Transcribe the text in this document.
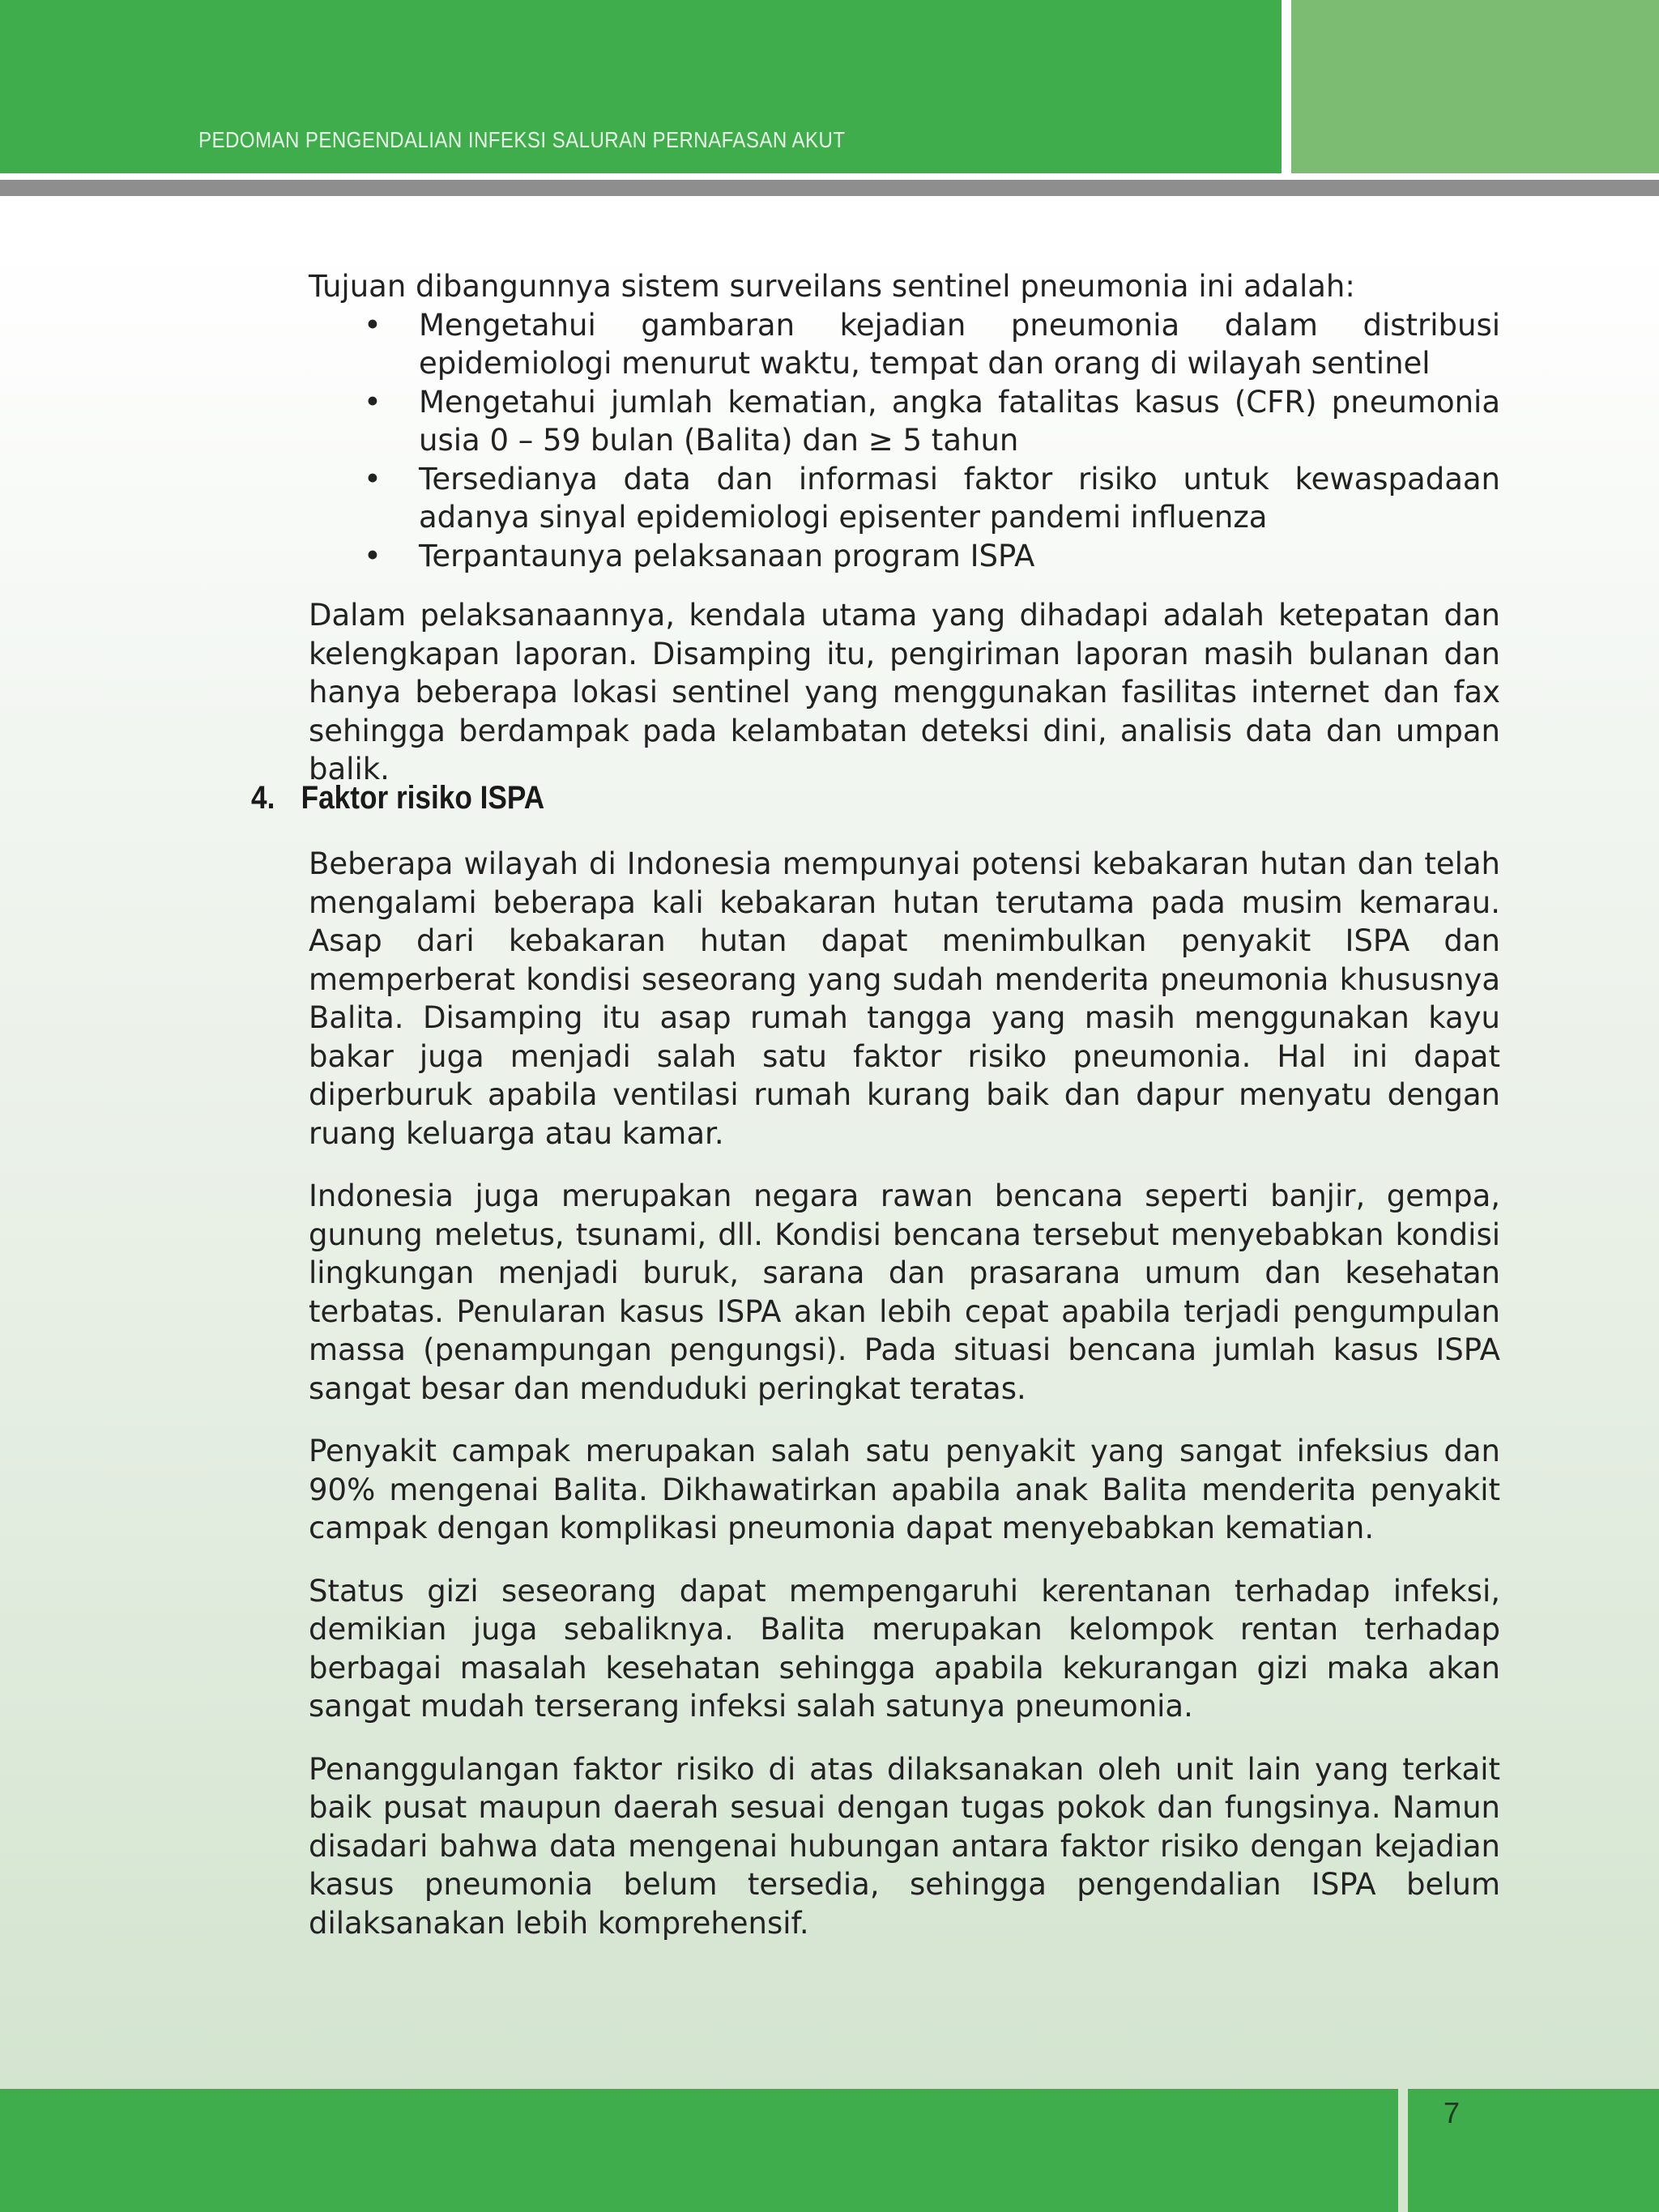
PEDOMAN PENGENDALIAN INFEKSI SALURAN PERNAFASAN AKUT

Tujuan dibangunnya sistem surveilans sentinel pneumonia ini adalah:

• Mengetahui gambaran kejadian pneumonia dalam distribusi epidemiologi menurut waktu, tempat dan orang di wilayah sentinel
• Mengetahui jumlah kematian, angka fatalitas kasus (CFR) pneumonia usia 0 – 59 bulan (Balita) dan ≥ 5 tahun
• Tersedianya data dan informasi faktor risiko untuk kewaspadaan adanya sinyal epidemiologi episenter pandemi influenza
• Terpantaunya pelaksanaan program ISPA

Dalam pelaksanaannya, kendala utama yang dihadapi adalah ketepatan dan kelengkapan laporan. Disamping itu, pengiriman laporan masih bulanan dan hanya beberapa lokasi sentinel yang menggunakan fasilitas internet dan fax sehingga berdampak pada kelambatan deteksi dini, analisis data dan umpan balik.

4. Faktor risiko ISPA

Beberapa wilayah di Indonesia mempunyai potensi kebakaran hutan dan telah mengalami beberapa kali kebakaran hutan terutama pada musim kemarau. Asap dari kebakaran hutan dapat menimbulkan penyakit ISPA dan memperberat kondisi seseorang yang sudah menderita pneumonia khususnya Balita. Disamping itu asap rumah tangga yang masih menggunakan kayu bakar juga menjadi salah satu faktor risiko pneumonia. Hal ini dapat diperburuk apabila ventilasi rumah kurang baik dan dapur menyatu dengan ruang keluarga atau kamar.

Indonesia juga merupakan negara rawan bencana seperti banjir, gempa, gunung meletus, tsunami, dll. Kondisi bencana tersebut menyebabkan kondisi lingkungan menjadi buruk, sarana dan prasarana umum dan kesehatan terbatas. Penularan kasus ISPA akan lebih cepat apabila terjadi pengumpulan massa (penampungan pengungsi). Pada situasi bencana jumlah kasus ISPA sangat besar dan menduduki peringkat teratas.

Penyakit campak merupakan salah satu penyakit yang sangat infeksius dan 90% mengenai Balita. Dikhawatirkan apabila anak Balita menderita penyakit campak dengan komplikasi pneumonia dapat menyebabkan kematian.

Status gizi seseorang dapat mempengaruhi kerentanan terhadap infeksi, demikian juga sebaliknya. Balita merupakan kelompok rentan terhadap berbagai masalah kesehatan sehingga apabila kekurangan gizi maka akan sangat mudah terserang infeksi salah satunya pneumonia.

Penanggulangan faktor risiko di atas dilaksanakan oleh unit lain yang terkait baik pusat maupun daerah sesuai dengan tugas pokok dan fungsinya. Namun disadari bahwa data mengenai hubungan antara faktor risiko dengan kejadian kasus pneumonia belum tersedia, sehingga pengendalian ISPA belum dilaksanakan lebih komprehensif.

7
